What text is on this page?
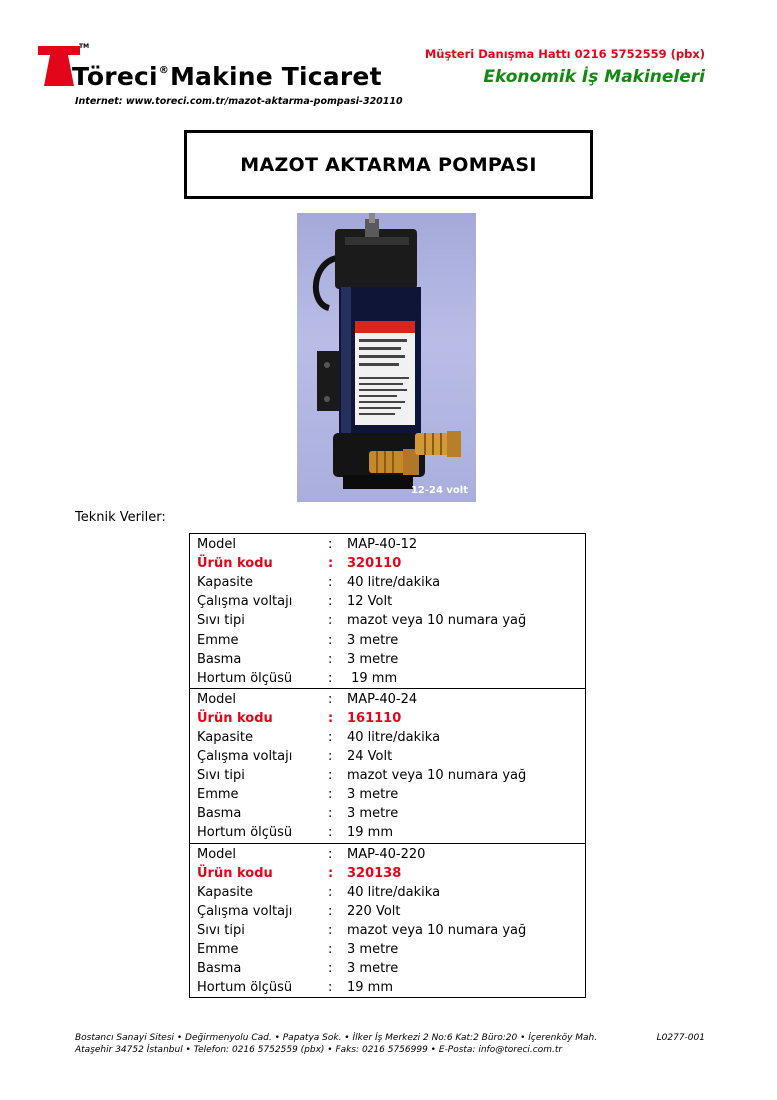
TM
Töreci®Makine Ticaret
Internet: www.toreci.com.tr/mazot-aktarma-pompasi-320110
Müşteri Danışma Hattı 0216 5752559 (pbx)
Ekonomik İş Makineleri
MAZOT AKTARMA POMPASI
12-24 volt
Teknik Veriler:
Model	:	MAP-40-12
Ürün kodu	:	320110
Kapasite	:	40 litre/dakika
Çalışma voltajı	:	12 Volt
Sıvı tipi	:	mazot veya 10 numara yağ
Emme	:	3 metre
Basma	:	3 metre
Hortum ölçüsü	:	19 mm
Model	:	MAP-40-24
Ürün kodu	:	161110
Kapasite	:	40 litre/dakika
Çalışma voltajı	:	24 Volt
Sıvı tipi	:	mazot veya 10 numara yağ
Emme	:	3 metre
Basma	:	3 metre
Hortum ölçüsü	:	19 mm
Model	:	MAP-40-220
Ürün kodu	:	320138
Kapasite	:	40 litre/dakika
Çalışma voltajı	:	220 Volt
Sıvı tipi	:	mazot veya 10 numara yağ
Emme	:	3 metre
Basma	:	3 metre
Hortum ölçüsü	:	19 mm
Bostancı Sanayi Sitesi • Değirmenyolu Cad. • Papatya Sok. • İlker İş Merkezi 2 No:6 Kat:2 Büro:20 • İçerenköy Mah.
Ataşehir 34752 İstanbul • Telefon: 0216 5752559 (pbx) • Faks: 0216 5756999 • E-Posta: info@toreci.com.tr
L0277-001
